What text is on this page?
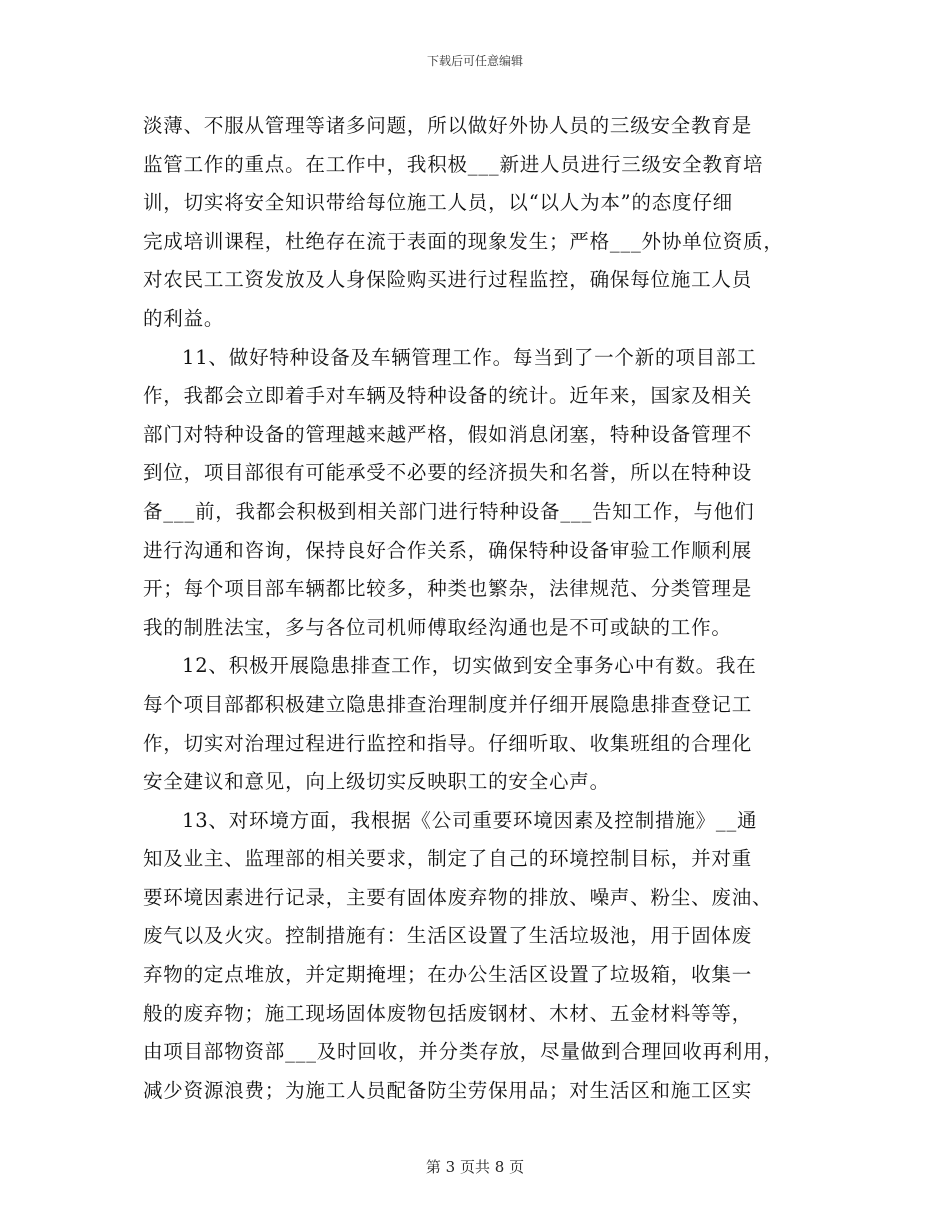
下载后可任意编辑
淡薄、不服从管理等诸多问题，所以做好外协人员的三级安全教育是
监管工作的重点。在工作中，我积极___新进人员进行三级安全教育培
训，切实将安全知识带给每位施工人员，以“以人为本”的态度仔细
完成培训课程，杜绝存在流于表面的现象发生；严格___外协单位资质，
对农民工工资发放及人身保险购买进行过程监控，确保每位施工人员
的利益。
11、做好特种设备及车辆管理工作。每当到了一个新的项目部工
作，我都会立即着手对车辆及特种设备的统计。近年来，国家及相关
部门对特种设备的管理越来越严格，假如消息闭塞，特种设备管理不
到位，项目部很有可能承受不必要的经济损失和名誉，所以在特种设
备___前，我都会积极到相关部门进行特种设备___告知工作，与他们
进行沟通和咨询，保持良好合作关系，确保特种设备审验工作顺利展
开；每个项目部车辆都比较多，种类也繁杂，法律规范、分类管理是
我的制胜法宝，多与各位司机师傅取经沟通也是不可或缺的工作。
12、积极开展隐患排查工作，切实做到安全事务心中有数。我在
每个项目部都积极建立隐患排查治理制度并仔细开展隐患排查登记工
作，切实对治理过程进行监控和指导。仔细听取、收集班组的合理化
安全建议和意见，向上级切实反映职工的安全心声。
13、对环境方面，我根据《公司重要环境因素及控制措施》__通
知及业主、监理部的相关要求，制定了自己的环境控制目标，并对重
要环境因素进行记录，主要有固体废弃物的排放、噪声、粉尘、废油、
废气以及火灾。控制措施有：生活区设置了生活垃圾池，用于固体废
弃物的定点堆放，并定期掩埋；在办公生活区设置了垃圾箱，收集一
般的废弃物；施工现场固体废物包括废钢材、木材、五金材料等等，
由项目部物资部___及时回收，并分类存放，尽量做到合理回收再利用，
减少资源浪费；为施工人员配备防尘劳保用品；对生活区和施工区实
第 3 页共 8 页
